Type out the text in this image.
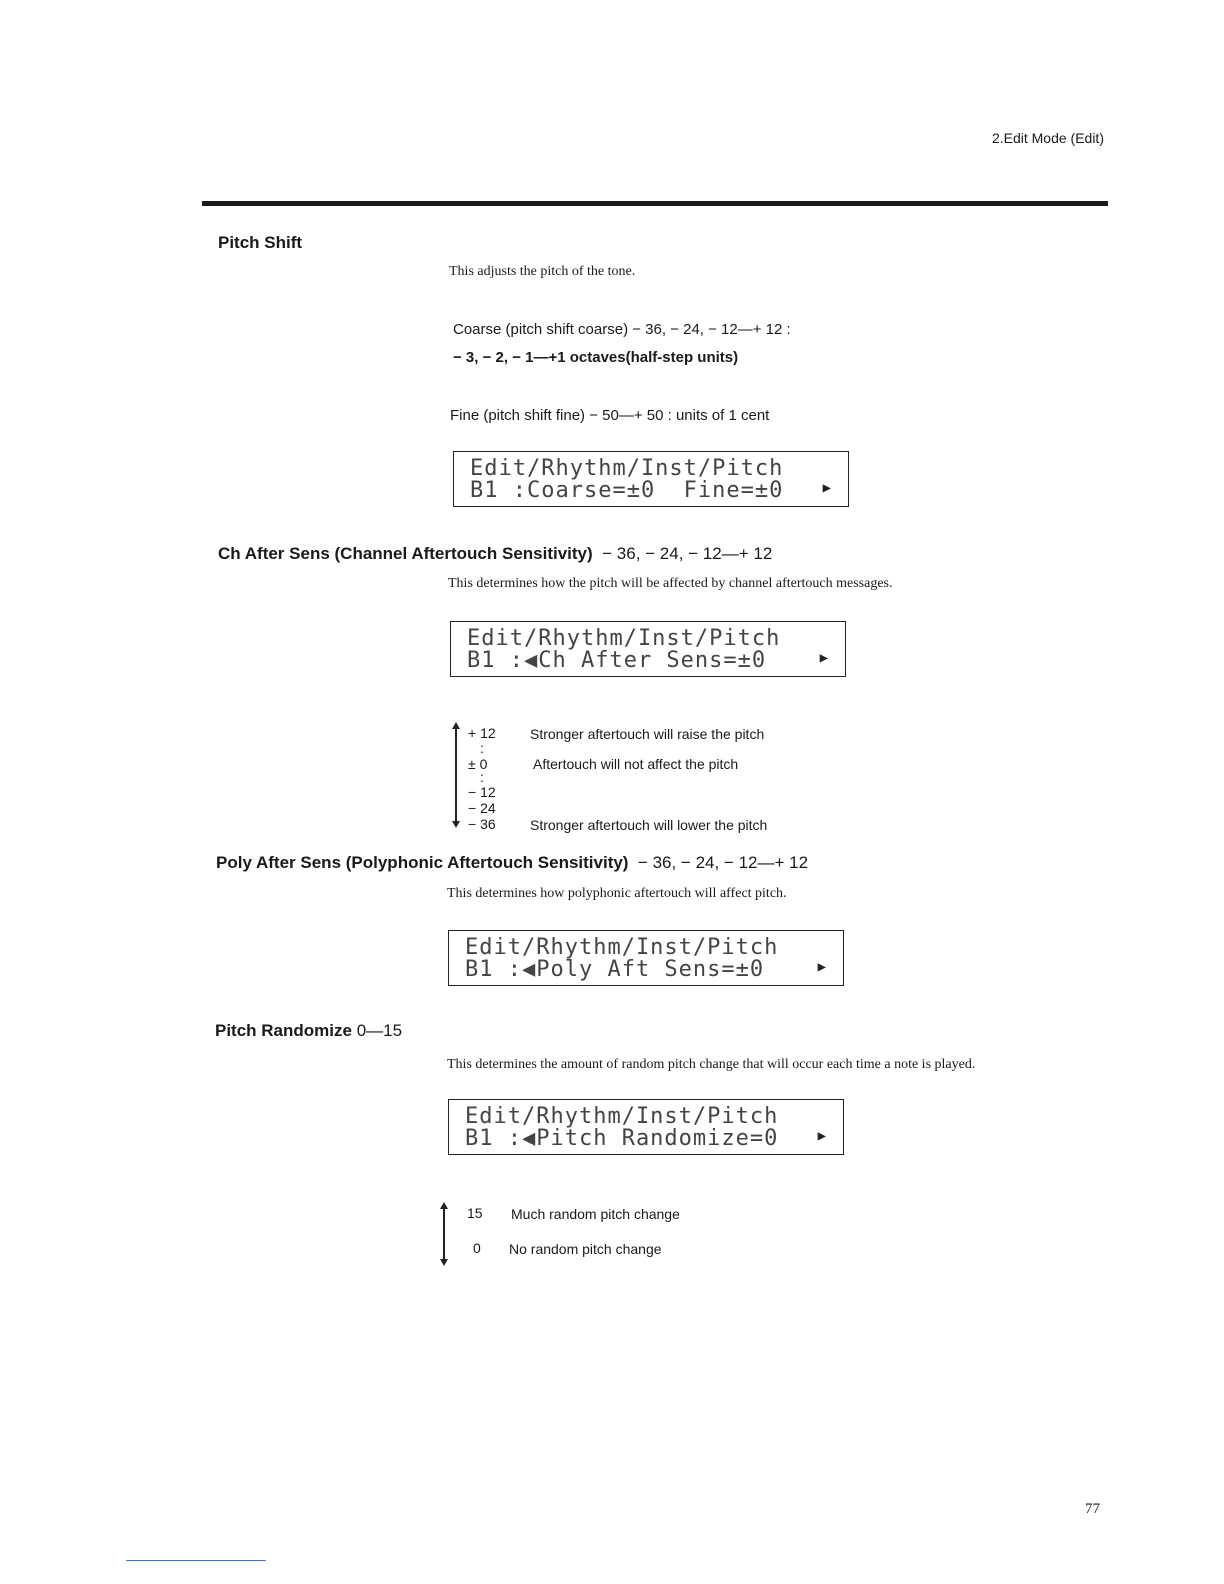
2.Edit Mode (Edit)
Pitch Shift
This adjusts the pitch of the tone.
Coarse (pitch shift coarse) − 36, − 24, − 12—+ 12 :
− 3, − 2, − 1—+1 octaves(half-step units)
Fine (pitch shift fine) − 50—+ 50 : units of 1 cent
Edit/Rhythm/Inst/Pitch
B1 :Coarse=±0  Fine=±0	▶
Ch After Sens (Channel Aftertouch Sensitivity) − 36, − 24, − 12—+ 12
This determines how the pitch will be affected by channel aftertouch messages.
Edit/Rhythm/Inst/Pitch
B1 :◀Ch After Sens=±0	▶
+ 12 Stronger aftertouch will raise the pitch
:
± 0	Aftertouch will not affect the pitch
:
− 12
− 24
− 36 Stronger aftertouch will lower the pitch
Poly After Sens (Polyphonic Aftertouch Sensitivity) − 36, − 24, − 12—+ 12
This determines how polyphonic aftertouch will affect pitch.
Edit/Rhythm/Inst/Pitch
B1 :◀Poly Aft Sens=±0	▶
Pitch Randomize 0—15
This determines the amount of random pitch change that will occur each time a note is played.
Edit/Rhythm/Inst/Pitch
B1 :◀Pitch Randomize=0	▶
15 Much random pitch change
0 No random pitch change
77
